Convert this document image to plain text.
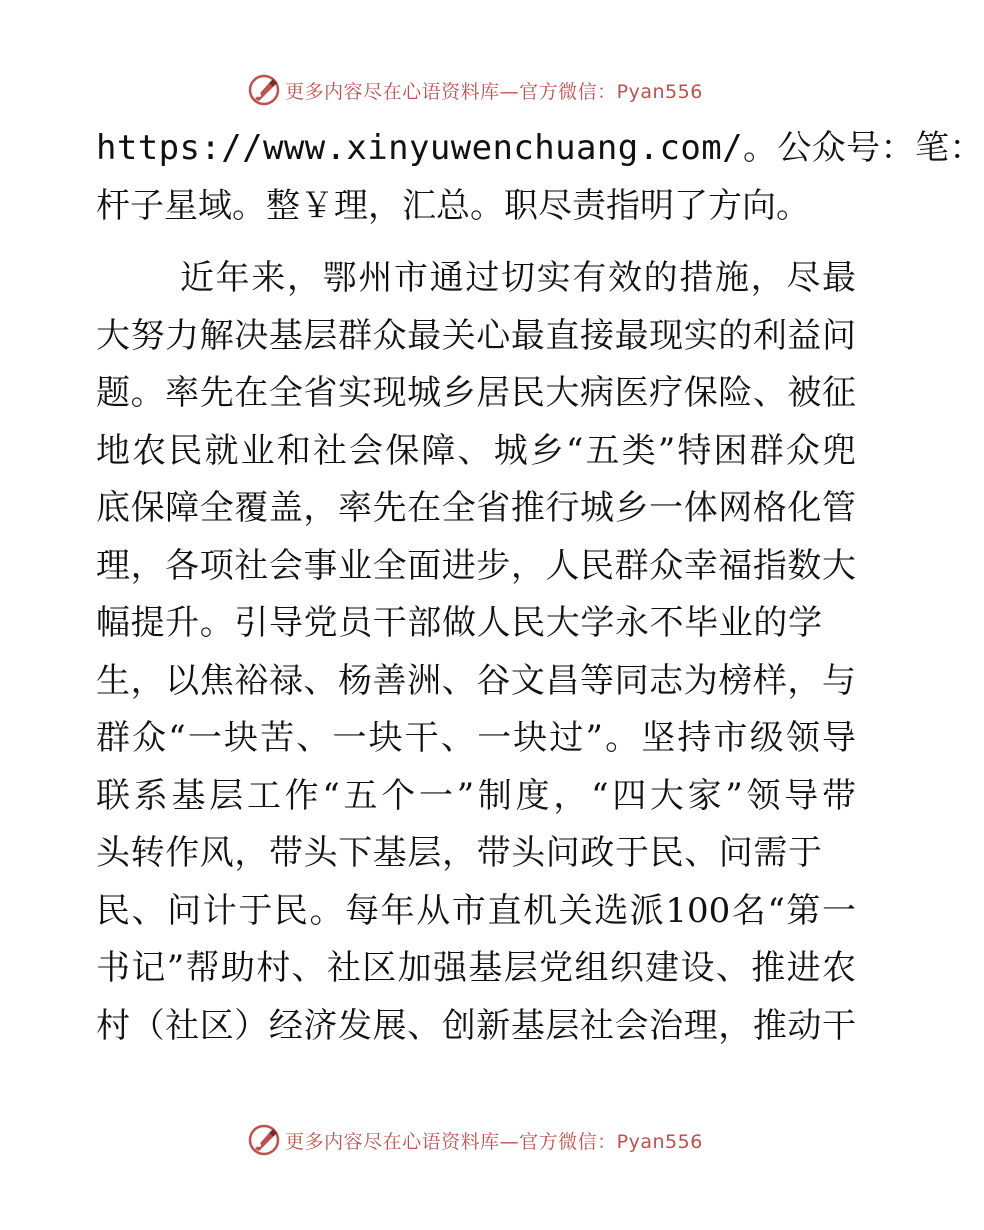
更多内容尽在心语资料库—官方微信：Pyan556
https://www.xinyuwenchuang.com/。公众号：笔：
杆子星域。整￥理，汇总。职尽责指明了方向。
近年来，鄂州市通过切实有效的措施，尽最
大努力解决基层群众最关心最直接最现实的利益问
题。率先在全省实现城乡居民大病医疗保险、被征
地农民就业和社会保障、城乡“五类”特困群众兜
底保障全覆盖，率先在全省推行城乡一体网格化管
理，各项社会事业全面进步，人民群众幸福指数大
幅提升。引导党员干部做人民大学永不毕业的学
生，以焦裕禄、杨善洲、谷文昌等同志为榜样，与
群众“一块苦、一块干、一块过”。坚持市级领导
联系基层工作“五个一”制度，“四大家”领导带
头转作风，带头下基层，带头问政于民、问需于
民、问计于民。每年从市直机关选派100名“第一
书记”帮助村、社区加强基层党组织建设、推进农
村（社区）经济发展、创新基层社会治理，推动干
更多内容尽在心语资料库—官方微信：Pyan556
